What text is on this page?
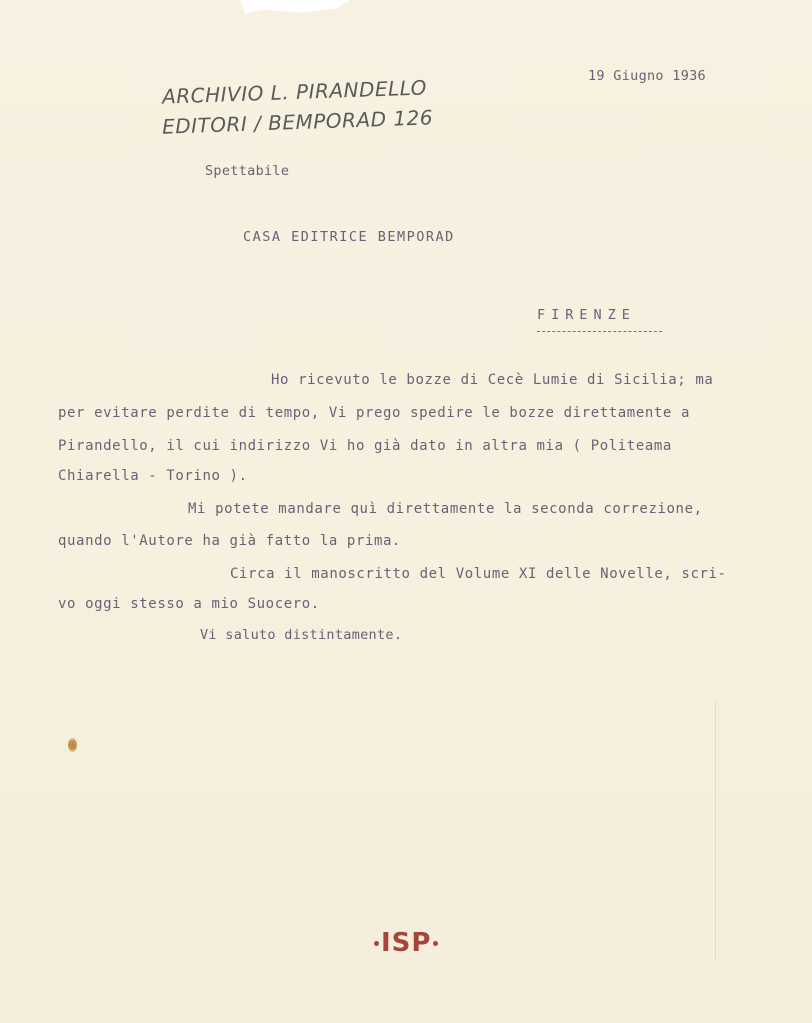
ARCHIVIO L. PIRANDELLO
EDITORI / BEMPORAD 126
19 Giugno 1936
Spettabile
CASA EDITRICE BEMPORAD
FIRENZE
Ho ricevuto le bozze di Cecè Lumie di Sicilia; ma
per evitare perdite di tempo, Vi prego spedire le bozze direttamente a
Pirandello, il cui indirizzo Vi ho già dato in altra mia ( Politeama
Chiarella - Torino ).
Mi potete mandare quì direttamente la seconda correzione,
quando l'Autore ha già fatto la prima.
Circa il manoscritto del Volume XI delle Novelle, scri-
vo oggi stesso a mio Suocero.
Vi saluto distintamente.
ISP
